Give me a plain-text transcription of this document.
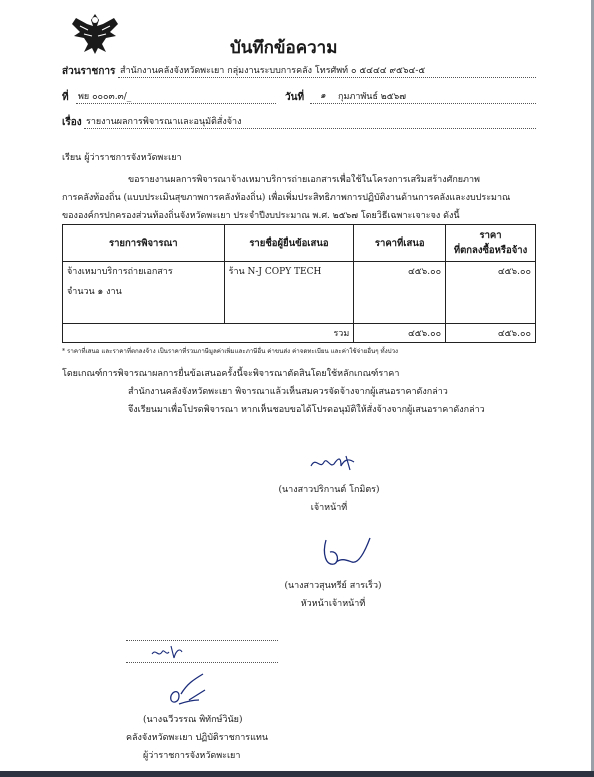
บันทึกข้อความ
ส่วนราชการ สำนักงานคลังจังหวัดพะเยา กลุ่มงานระบบการคลัง โทรศัพท์ ๐ ๕๔๔๔ ๙๕๖๔-๕
ที่ พย ๐๐๐๓.๓/_	วันที่ ๑ กุมภาพันธ์ ๒๕๖๗
เรื่อง รายงานผลการพิจารณาและอนุมัติสั่งจ้าง
เรียน ผู้ว่าราชการจังหวัดพะเยา
ขอรายงานผลการพิจารณาจ้างเหมาบริการถ่ายเอกสารเพื่อใช้ในโครงการเสริมสร้างศักยภาพ
การคลังท้องถิ่น (แบบประเมินสุขภาพการคลังท้องถิ่น) เพื่อเพิ่มประสิทธิภาพการปฏิบัติงานด้านการคลังและงบประมาณ
ขององค์กรปกครองส่วนท้องถิ่นจังหวัดพะเยา ประจำปีงบประมาณ พ.ศ. ๒๕๖๗ โดยวิธีเฉพาะเจาะจง ดังนี้
รายการพิจารณา	รายชื่อผู้ยื่นข้อเสนอ	ราคาที่เสนอ	ราคา
ที่ตกลงซื้อหรือจ้าง

จ้างเหมาบริการถ่ายเอกสาร
จำนวน ๑ งาน	ร้าน N-J COPY TECH	๔๕๖.๐๐	๔๕๖.๐๐
	รวม	๔๕๖.๐๐	๔๕๖.๐๐
* ราคาที่เสนอ และราคาที่ตกลงจ้าง เป็นราคาที่รวมภาษีมูลค่าเพิ่มและภาษีอื่น ค่าขนส่ง ค่าจดทะเบียน และค่าใช้จ่ายอื่นๆ ทั้งปวง
โดยเกณฑ์การพิจารณาผลการยื่นข้อเสนอครั้งนี้จะพิจารณาตัดสินโดยใช้หลักเกณฑ์ราคา
สำนักงานคลังจังหวัดพะเยา พิจารณาแล้วเห็นสมควรจัดจ้างจากผู้เสนอราคาดังกล่าว
จึงเรียนมาเพื่อโปรดพิจารณา หากเห็นชอบขอได้โปรดอนุมัติให้สั่งจ้างจากผู้เสนอราคาดังกล่าว
(นางสาวปริกานต์ โกมิตร)
เจ้าหน้าที่
(นางสาวสุนทรีย์ สารเร็ว)
หัวหน้าเจ้าหน้าที่
(นางฉวีวรรณ พิทักษ์วินัย)
คลังจังหวัดพะเยา ปฏิบัติราชการแทน
ผู้ว่าราชการจังหวัดพะเยา
